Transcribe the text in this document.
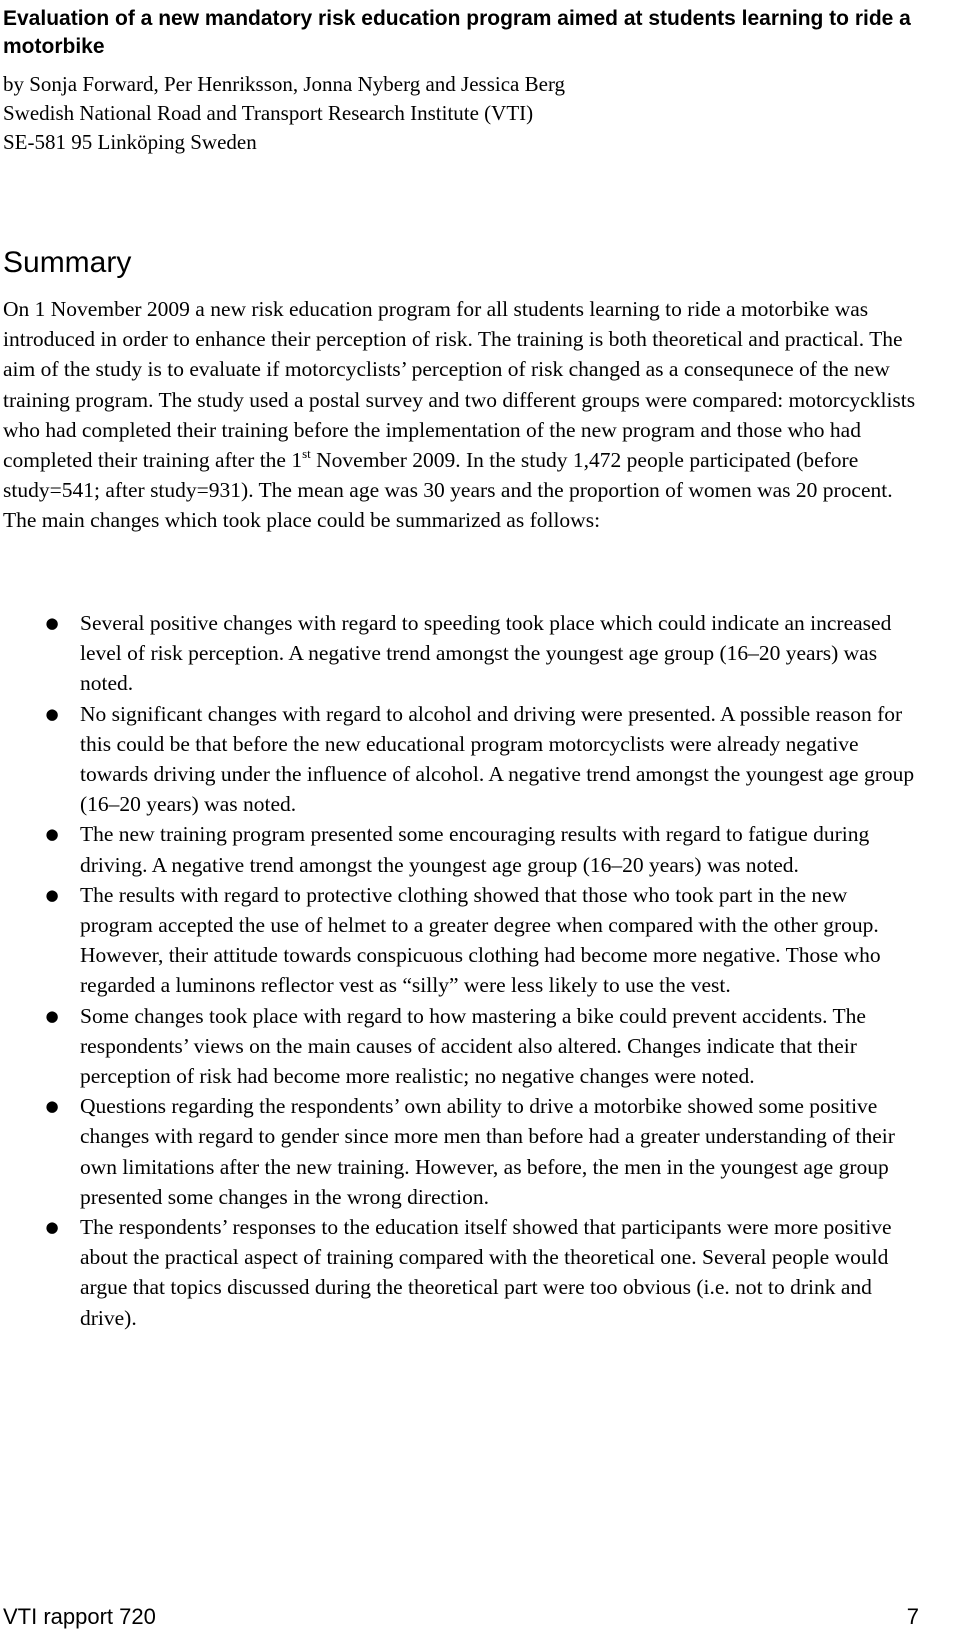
Evaluation of a new mandatory risk education program aimed at students learning to ride a motorbike
by Sonja Forward, Per Henriksson, Jonna Nyberg and Jessica Berg
Swedish National Road and Transport Research Institute (VTI)
SE-581 95 Linköping Sweden
Summary

On 1 November 2009 a new risk education program for all students learning to ride a motorbike was introduced in order to enhance their perception of risk. The training is both theoretical and practical. The aim of the study is to evaluate if motorcyclists’ perception of risk changed as a consequnece of the new training program. The study used a postal survey and two different groups were compared: motorcycklists who had completed their training before the implementation of the new program and those who had completed their training after the 1st November 2009. In the study 1,472 people participated (before study=541; after study=931). The mean age was 30 years and the proportion of women was 20 procent. The main changes which took place could be summarized as follows:

● Several positive changes with regard to speeding took place which could indicate an increased level of risk perception. A negative trend amongst the youngest age group (16–20 years) was noted.
● No significant changes with regard to alcohol and driving were presented. A possible reason for this could be that before the new educational program motorcyclists were already negative towards driving under the influence of alcohol. A negative trend amongst the youngest age group (16–20 years) was noted.
● The new training program presented some encouraging results with regard to fatigue during driving. A negative trend amongst the youngest age group (16–20 years) was noted.
● The results with regard to protective clothing showed that those who took part in the new program accepted the use of helmet to a greater degree when compared with the other group. However, their attitude towards conspicuous clothing had become more negative. Those who regarded a luminons reflector vest as “silly” were less likely to use the vest.
● Some changes took place with regard to how mastering a bike could prevent accidents. The respondents’ views on the main causes of accident also altered. Changes indicate that their perception of risk had become more realistic; no negative changes were noted.
● Questions regarding the respondents’ own ability to drive a motorbike showed some positive changes with regard to gender since more men than before had a greater understanding of their own limitations after the new training. However, as before, the men in the youngest age group presented some changes in the wrong direction.
● The respondents’ responses to the education itself showed that participants were more positive about the practical aspect of training compared with the theoretical one. Several people would argue that topics discussed during the theoretical part were too obvious (i.e. not to drink and drive).
VTI rapport 720	7
